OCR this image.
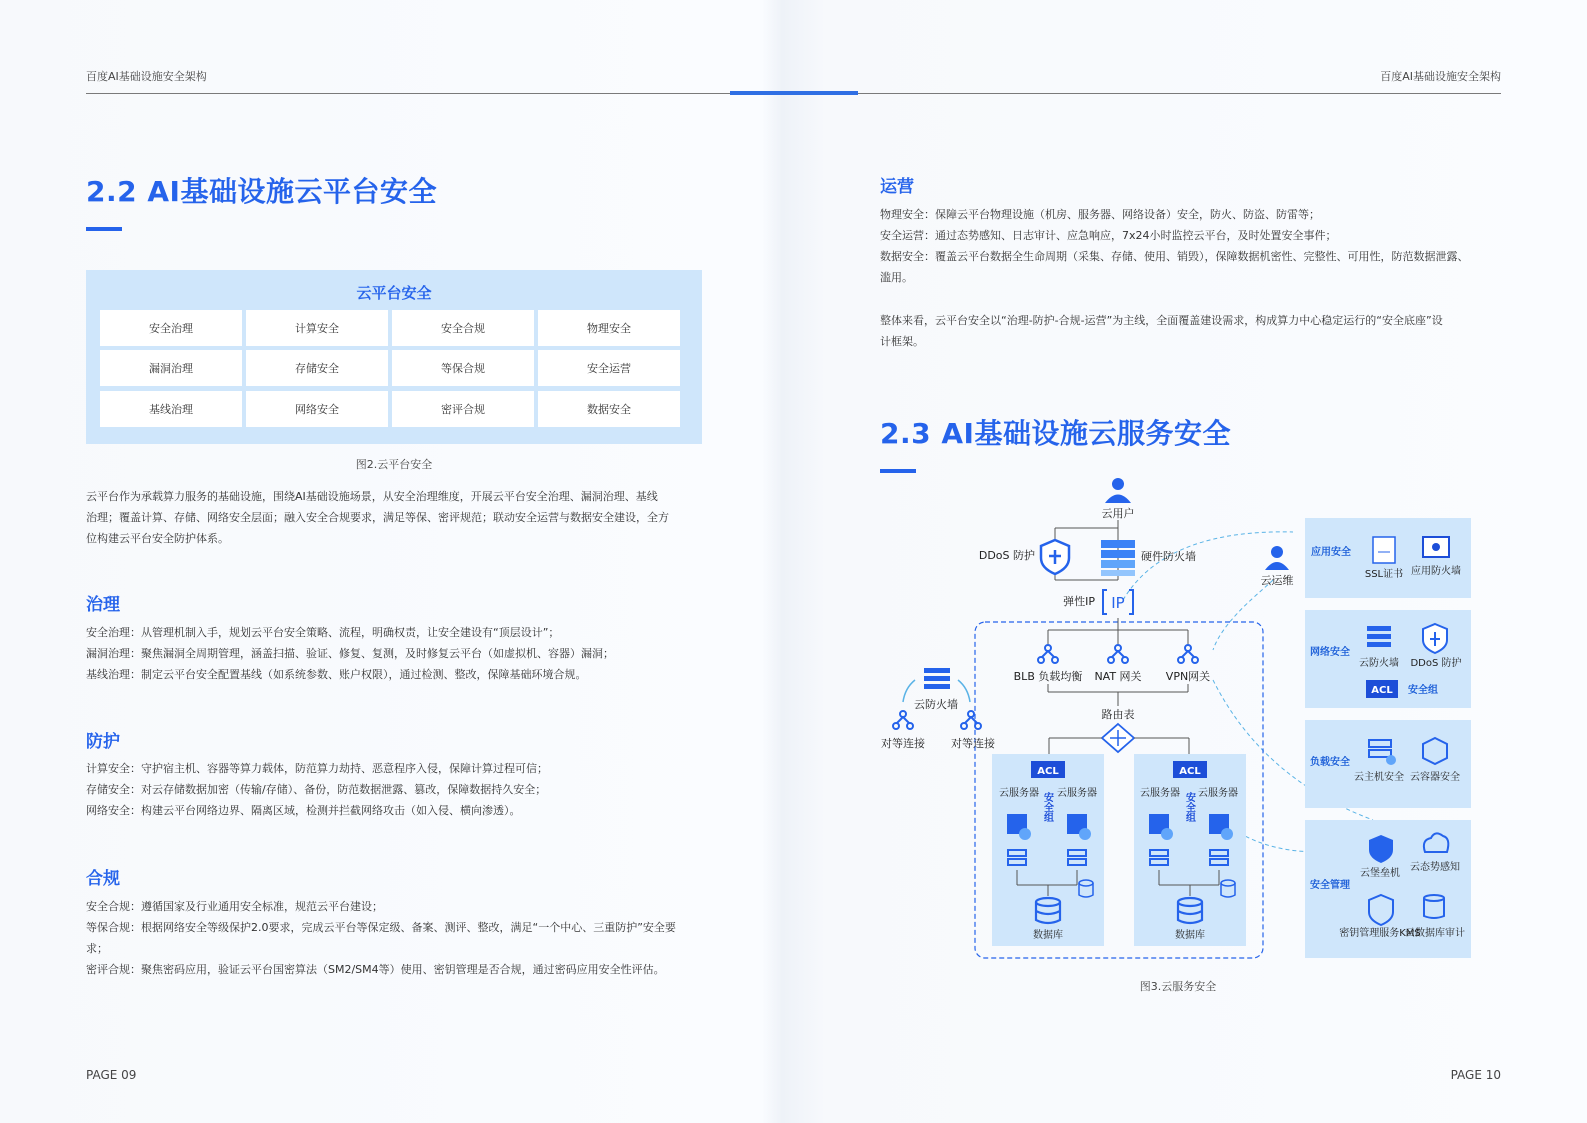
百度AI基础设施安全架构
2.2 AI基础设施云平台安全
云平台安全
安全治理	计算安全	安全合规	物理安全
漏洞治理	存储安全	等保合规	安全运营
基线治理	网络安全	密评合规	数据安全
图2.云平台安全
云平台作为承载算力服务的基础设施，围绕AI基础设施场景，从安全治理维度，开展云平台安全治理、漏洞治理、基线
治理；覆盖计算、存储、网络安全层面；融入安全合规要求，满足等保、密评规范；联动安全运营与数据安全建设，全方
位构建云平台安全防护体系。
治理
安全治理：从管理机制入手，规划云平台安全策略、流程，明确权责，让安全建设有“顶层设计”；
漏洞治理：聚焦漏洞全周期管理，涵盖扫描、验证、修复、复测，及时修复云平台（如虚拟机、容器）漏洞；
基线治理：制定云平台安全配置基线（如系统参数、账户权限），通过检测、整改，保障基础环境合规。
防护
计算安全：守护宿主机、容器等算力载体，防范算力劫持、恶意程序入侵，保障计算过程可信；
存储安全：对云存储数据加密（传输/存储）、备份，防范数据泄露、篡改，保障数据持久安全；
网络安全：构建云平台网络边界、隔离区域，检测并拦截网络攻击（如入侵、横向渗透）。
合规
安全合规：遵循国家及行业通用安全标准，规范云平台建设；
等保合规：根据网络安全等级保护2.0要求，完成云平台等保定级、备案、测评、整改，满足“一个中心、三重防护”安全要
求；
密评合规：聚焦密码应用，验证云平台国密算法（SM2/SM4等）使用、密钥管理是否合规，通过密码应用安全性评估。
PAGE 09
百度AI基础设施安全架构
运营
物理安全：保障云平台物理设施（机房、服务器、网络设备）安全，防火、防盗、防雷等；
安全运营：通过态势感知、日志审计、应急响应，7x24小时监控云平台，及时处置安全事件；
数据安全：覆盖云平台数据全生命周期（采集、存储、使用、销毁），保障数据机密性、完整性、可用性，防范数据泄露、
滥用。
整体来看，云平台安全以“治理-防护-合规-运营”为主线，全面覆盖建设需求，构成算力中心稳定运行的“安全底座”设
计框架。
2.3 AI基础设施云服务安全
云用户
DDoS 防护	硬件防火墙
云运维
弹性IP IP
BLB 负载均衡 NAT 网关 VPN网关
云防火墙
对等连接 对等连接
路由表
ACL
安全组
云服务器 云服务器
数据库
ACL
安全组
云服务器 云服务器
数据库
应用安全
SSL证书 应用防火墙
网络安全
云防火墙 DDoS 防护
ACL 安全组
负载安全
云主机安全 云容器安全
安全管理
云堡垒机
云态势感知
密钥管理服务KMS
云数据库审计
图3.云服务安全
PAGE 10
